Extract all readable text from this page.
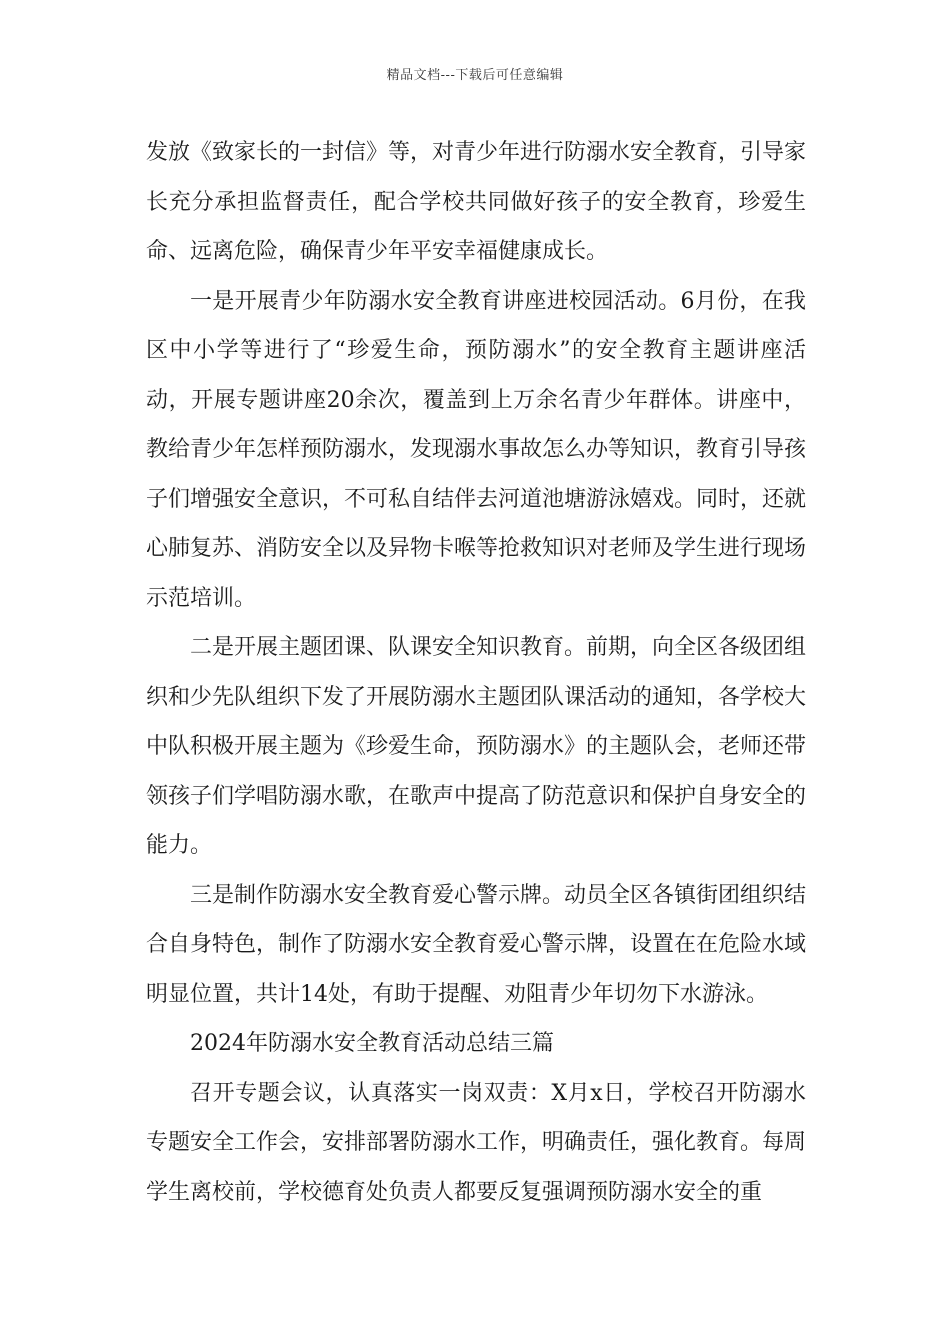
精品文档---下载后可任意编辑

发放《致家长的一封信》等，对青少年进行防溺水安全教育，引导家长充分承担监督责任，配合学校共同做好孩子的安全教育，珍爱生命、远离危险，确保青少年平安幸福健康成长。

一是开展青少年防溺水安全教育讲座进校园活动。6月份，在我区中小学等进行了“珍爱生命，预防溺水”的安全教育主题讲座活动，开展专题讲座20余次，覆盖到上万余名青少年群体。讲座中，教给青少年怎样预防溺水，发现溺水事故怎么办等知识，教育引导孩子们增强安全意识，不可私自结伴去河道池塘游泳嬉戏。同时，还就心肺复苏、消防安全以及异物卡喉等抢救知识对老师及学生进行现场示范培训。

二是开展主题团课、队课安全知识教育。前期，向全区各级团组织和少先队组织下发了开展防溺水主题团队课活动的通知，各学校大中队积极开展主题为《珍爱生命，预防溺水》的主题队会，老师还带领孩子们学唱防溺水歌，在歌声中提高了防范意识和保护自身安全的能力。

三是制作防溺水安全教育爱心警示牌。动员全区各镇街团组织结合自身特色，制作了防溺水安全教育爱心警示牌，设置在在危险水域明显位置，共计14处，有助于提醒、劝阻青少年切勿下水游泳。

2024年防溺水安全教育活动总结三篇

召开专题会议，认真落实一岗双责：X月x日，学校召开防溺水专题安全工作会，安排部署防溺水工作，明确责任，强化教育。每周学生离校前，学校德育处负责人都要反复强调预防溺水安全的重
